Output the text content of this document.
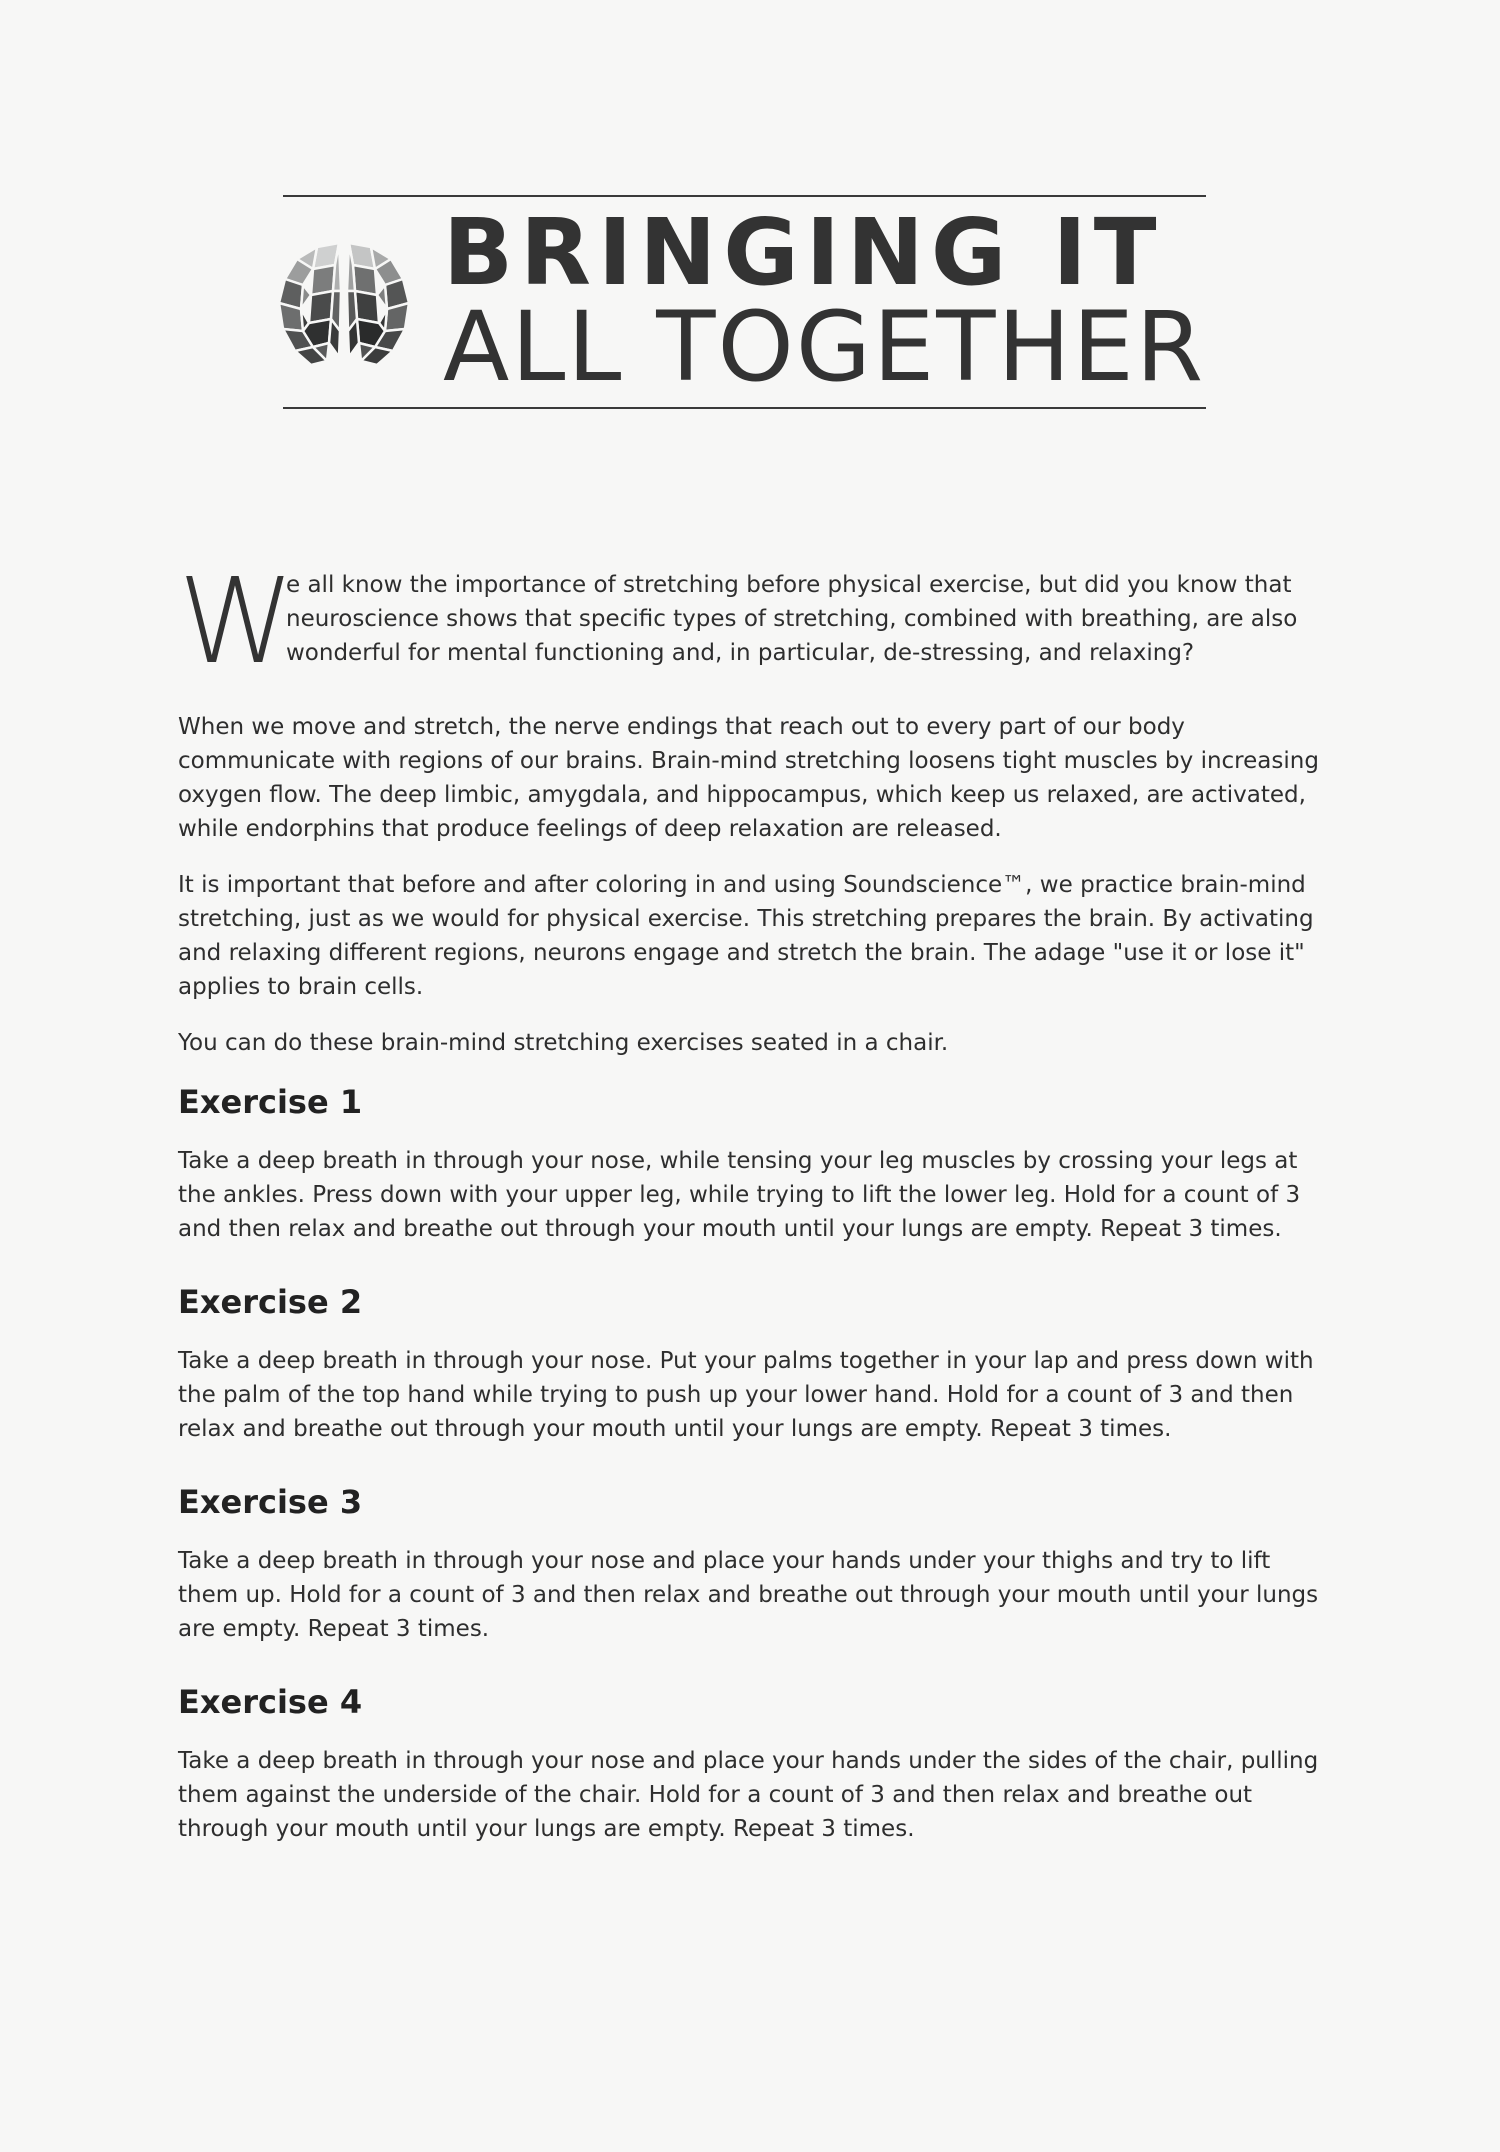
BRINGING IT
ALL TOGETHER
W
e all know the importance of stretching before physical exercise, but did you know that neuroscience shows that specific types of stretching, combined with breathing, are also wonderful for mental functioning and, in particular, de-stressing, and relaxing?

When we move and stretch, the nerve endings that reach out to every part of our body communicate with regions of our brains. Brain-mind stretching loosens tight muscles by increasing oxygen flow. The deep limbic, amygdala, and hippocampus, which keep us relaxed, are activated, while endorphins that produce feelings of deep relaxation are released.

It is important that before and after coloring in and using Soundscience™, we practice brain-mind stretching, just as we would for physical exercise. This stretching prepares the brain. By activating and relaxing different regions, neurons engage and stretch the brain. The adage "use it or lose it" applies to brain cells.

You can do these brain-mind stretching exercises seated in a chair.

Exercise 1

Take a deep breath in through your nose, while tensing your leg muscles by crossing your legs at the ankles. Press down with your upper leg, while trying to lift the lower leg. Hold for a count of 3 and then relax and breathe out through your mouth until your lungs are empty. Repeat 3 times.

Exercise 2

Take a deep breath in through your nose. Put your palms together in your lap and press down with the palm of the top hand while trying to push up your lower hand. Hold for a count of 3 and then relax and breathe out through your mouth until your lungs are empty. Repeat 3 times.

Exercise 3

Take a deep breath in through your nose and place your hands under your thighs and try to lift them up. Hold for a count of 3 and then relax and breathe out through your mouth until your lungs are empty. Repeat 3 times.

Exercise 4

Take a deep breath in through your nose and place your hands under the sides of the chair, pulling them against the underside of the chair. Hold for a count of 3 and then relax and breathe out through your mouth until your lungs are empty. Repeat 3 times.
